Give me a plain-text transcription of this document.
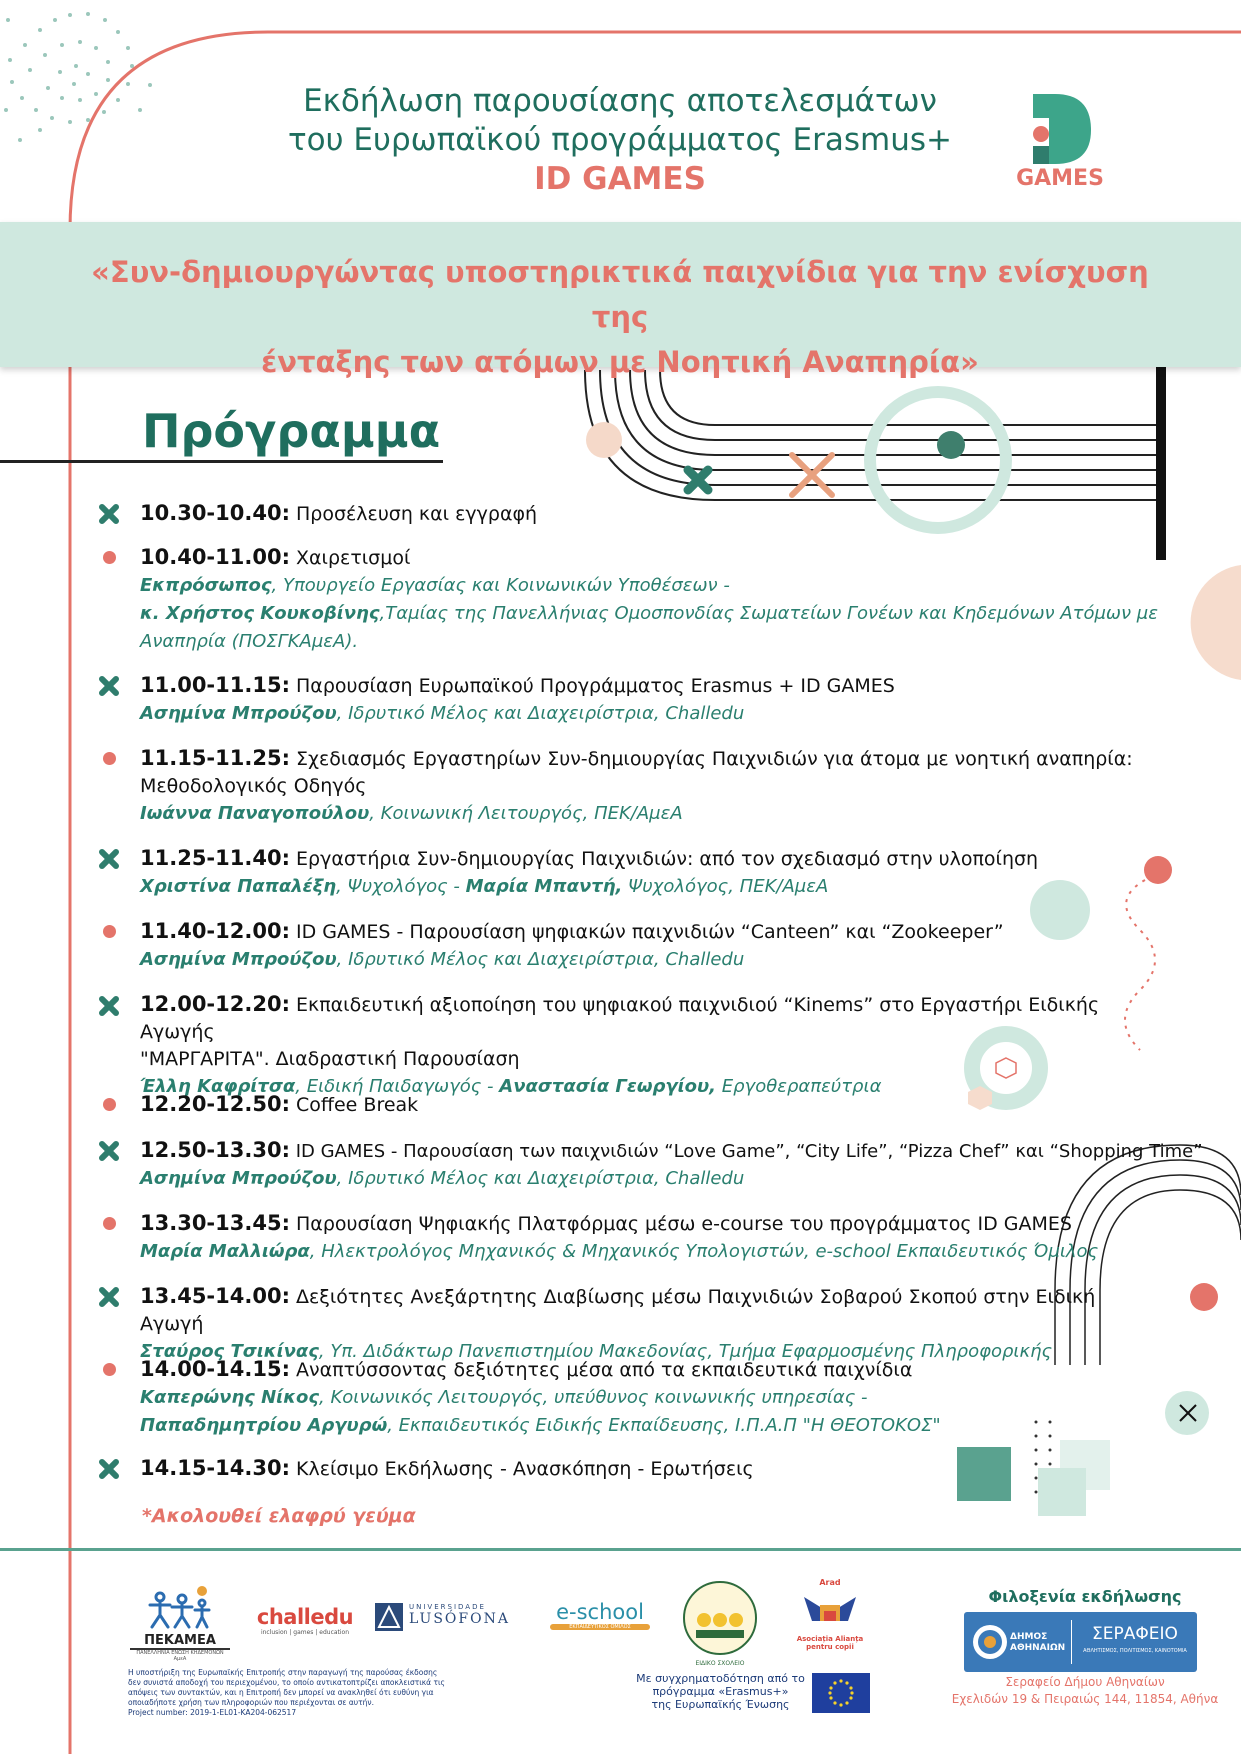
Εκδήλωση παρουσίασης αποτελεσμάτων
του Ευρωπαϊκού προγράμματος Erasmus+
ID GAMES	GAMES
«Συν-δημιουργώντας υποστηρικτικά παιχνίδια για την ενίσχυση της
ένταξης των ατόμων με Νοητική Αναπηρία»
Πρόγραμμα
10.30-10.40: Προσέλευση και εγγραφή
10.40-11.00: Χαιρετισμοί
Εκπρόσωπος, Υπουργείο Εργασίας και Κοινωνικών Υποθέσεων -
κ. Χρήστος Κουκοβίνης,Ταμίας της Πανελλήνιας Ομοσπονδίας Σωματείων Γονέων και Κηδεμόνων Ατόμων με
Αναπηρία (ΠΟΣΓΚΑμεΑ).
11.00-11.15: Παρουσίαση Ευρωπαϊκού Προγράμματος Erasmus + ID GAMES
Ασημίνα Μπρούζου, Ιδρυτικό Μέλος και Διαχειρίστρια, Challedu
11.15-11.25: Σχεδιασμός Εργαστηρίων Συν-δημιουργίας Παιχνιδιών για άτομα με νοητική αναπηρία:
Μεθοδολογικός Οδηγός
Ιωάννα Παναγοπούλου, Κοινωνική Λειτουργός, ΠΕΚ/ΑμεΑ
11.25-11.40: Εργαστήρια Συν-δημιουργίας Παιχνιδιών: από τον σχεδιασμό στην υλοποίηση
Χριστίνα Παπαλέξη, Ψυχολόγος - Μαρία Μπαντή, Ψυχολόγος, ΠΕΚ/ΑμεΑ
11.40-12.00: ID GAMES - Παρουσίαση ψηφιακών παιχνιδιών “Canteen” και “Zookeeper”
Ασημίνα Μπρούζου, Ιδρυτικό Μέλος και Διαχειρίστρια, Challedu
12.00-12.20: Εκπαιδευτική αξιοποίηση του ψηφιακού παιχνιδιού “Kinems” στο Εργαστήρι Ειδικής Αγωγής
"ΜΑΡΓΑΡΙΤΑ". Διαδραστική Παρουσίαση
Έλλη Καφρίτσα, Ειδική Παιδαγωγός - Αναστασία Γεωργίου, Εργοθεραπεύτρια
12.20-12.50: Coffee Break
12.50-13.30: ID GAMES - Παρουσίαση των παιχνιδιών “Love Game”, “City Life”, “Pizza Chef” και “Shopping Time”
Ασημίνα Μπρούζου, Ιδρυτικό Μέλος και Διαχειρίστρια, Challedu
13.30-13.45: Παρουσίαση Ψηφιακής Πλατφόρμας μέσω e-course του προγράμματος ID GAMES
Μαρία Μαλλιώρα, Ηλεκτρολόγος Μηχανικός & Μηχανικός Υπολογιστών, e-school Εκπαιδευτικός Όμιλος
13.45-14.00: Δεξιότητες Ανεξάρτητης Διαβίωσης μέσω Παιχνιδιών Σοβαρού Σκοπού στην Ειδική Αγωγή
Σταύρος Τσικίνας, Υπ. Διδάκτωρ Πανεπιστημίου Μακεδονίας, Τμήμα Εφαρμοσμένης Πληροφορικής
14.00-14.15: Αναπτύσσοντας δεξιότητες μέσα από τα εκπαιδευτικά παιχνίδια
Καπερώνης Νίκος, Κοινωνικός Λειτουργός, υπεύθυνος κοινωνικής υπηρεσίας -
Παπαδημητρίου Αργυρώ, Εκπαιδευτικός Ειδικής Εκπαίδευσης, Ι.Π.Α.Π "Η ΘΕΟΤΟΚΟΣ"
14.15-14.30: Κλείσιμο Εκδήλωσης - Ανασκόπηση - Ερωτήσεις
*Ακολουθεί ελαφρύ γεύμα
ΠΕΚΑΜΕΑ
ΠΑΝΕΛΛΗΝΙΑ ΕΝΩΣΗ ΚΗΔΕΜΟΝΩΝ ΑμεΑ
challedu
inclusion | games | education
UNIVERSIDADE
LUSÓFONA e-school
ΕΚΠΑΙΔΕΥΤΙΚΟΣ ΟΜΙΛΟΣ
ΕΙΔΙΚΟ ΣΧΟΛΕΙΟ
Arad
Asociația Alianța pentru copii
Η υποστήριξη της Ευρωπαϊκής Επιτροπής στην παραγωγή της παρούσας έκδοσης δεν συνιστά αποδοχή του περιεχομένου, το οποίο αντικατοπτρίζει αποκλειστικά τις απόψεις των συντακτών, και η Επιτροπή δεν μπορεί να ανακληθεί ότι ευθύνη για οποιαδήποτε χρήση των πληροφοριών που περιέχονται σε αυτήν.
Project number: 2019-1-EL01-KA204-062517
Με συγχρηματοδότηση από το
πρόγραμμα «Erasmus+»
της Ευρωπαϊκής Ένωσης
Φιλοξενία εκδήλωσης
ΔΗΜΟΣ ΑΘΗΝΑΙΩΝ
ΣΕΡΑΦΕΙΟ
ΑΘΛΗΤΙΣΜΟΣ, ΠΟΛΙΤΙΣΜΟΣ, ΚΑΙΝΟΤΟΜΙΑ
Σεραφείο Δήμου Αθηναίων
Εχελιδών 19 & Πειραιώς 144, 11854, Αθήνα
